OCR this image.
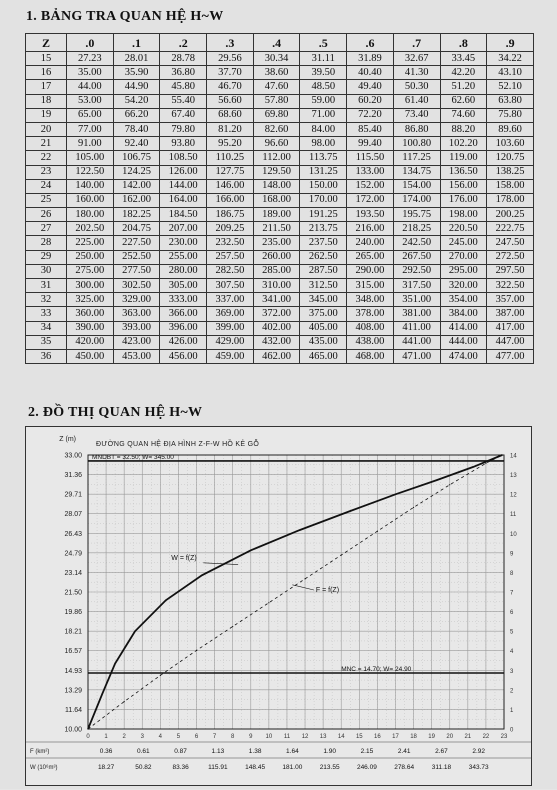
1. BẢNG TRA QUAN HỆ H~W
Z	.0	.1	.2	.3	.4	.5	.6	.7	.8	.9
15	27.23	28.01	28.78	29.56	30.34	31.11	31.89	32.67	33.45	34.22
16	35.00	35.90	36.80	37.70	38.60	39.50	40.40	41.30	42.20	43.10
17	44.00	44.90	45.80	46.70	47.60	48.50	49.40	50.30	51.20	52.10
18	53.00	54.20	55.40	56.60	57.80	59.00	60.20	61.40	62.60	63.80
19	65.00	66.20	67.40	68.60	69.80	71.00	72.20	73.40	74.60	75.80
20	77.00	78.40	79.80	81.20	82.60	84.00	85.40	86.80	88.20	89.60
21	91.00	92.40	93.80	95.20	96.60	98.00	99.40	100.80	102.20	103.60
22	105.00	106.75	108.50	110.25	112.00	113.75	115.50	117.25	119.00	120.75
23	122.50	124.25	126.00	127.75	129.50	131.25	133.00	134.75	136.50	138.25
24	140.00	142.00	144.00	146.00	148.00	150.00	152.00	154.00	156.00	158.00
25	160.00	162.00	164.00	166.00	168.00	170.00	172.00	174.00	176.00	178.00
26	180.00	182.25	184.50	186.75	189.00	191.25	193.50	195.75	198.00	200.25
27	202.50	204.75	207.00	209.25	211.50	213.75	216.00	218.25	220.50	222.75
28	225.00	227.50	230.00	232.50	235.00	237.50	240.00	242.50	245.00	247.50
29	250.00	252.50	255.00	257.50	260.00	262.50	265.00	267.50	270.00	272.50
30	275.00	277.50	280.00	282.50	285.00	287.50	290.00	292.50	295.00	297.50
31	300.00	302.50	305.00	307.50	310.00	312.50	315.00	317.50	320.00	322.50
32	325.00	329.00	333.00	337.00	341.00	345.00	348.00	351.00	354.00	357.00
33	360.00	363.00	366.00	369.00	372.00	375.00	378.00	381.00	384.00	387.00
34	390.00	393.00	396.00	399.00	402.00	405.00	408.00	411.00	414.00	417.00
35	420.00	423.00	426.00	429.00	432.00	435.00	438.00	441.00	444.00	447.00
36	450.00	453.00	456.00	459.00	462.00	465.00	468.00	471.00	474.00	477.00
2. ĐỒ THỊ QUAN HỆ H~W
0 1 2 3 4 5 6 7 8 9 10 11 12 13 14 15 16 17 18 19 20 21 22 23
33.00
31.36
29.71
28.07
26.43
24.79
23.14
21.50
19.86
18.21
16.57
14.93
13.29
11.64
10.00
14
13
12
11
10
9
8
7
6
5
4
3
2
1
0
Z (m)
ĐƯỜNG QUAN HỆ ĐỊA HÌNH Z-F-W HỒ KẺ GỖ
MNDBT = 32.50; W= 345.00
MNC = 14.70; W= 24.90
W = f(Z)
F = f(Z)
F (km²)	0.36	0.61	0.87	1.13	1.38	1.64	1.90	2.15	2.41	2.67	2.92
W (10⁶m³)	18.27	50.82	83.36	115.91	148.45	181.00	213.55	246.09	278.64	311.18	343.73
